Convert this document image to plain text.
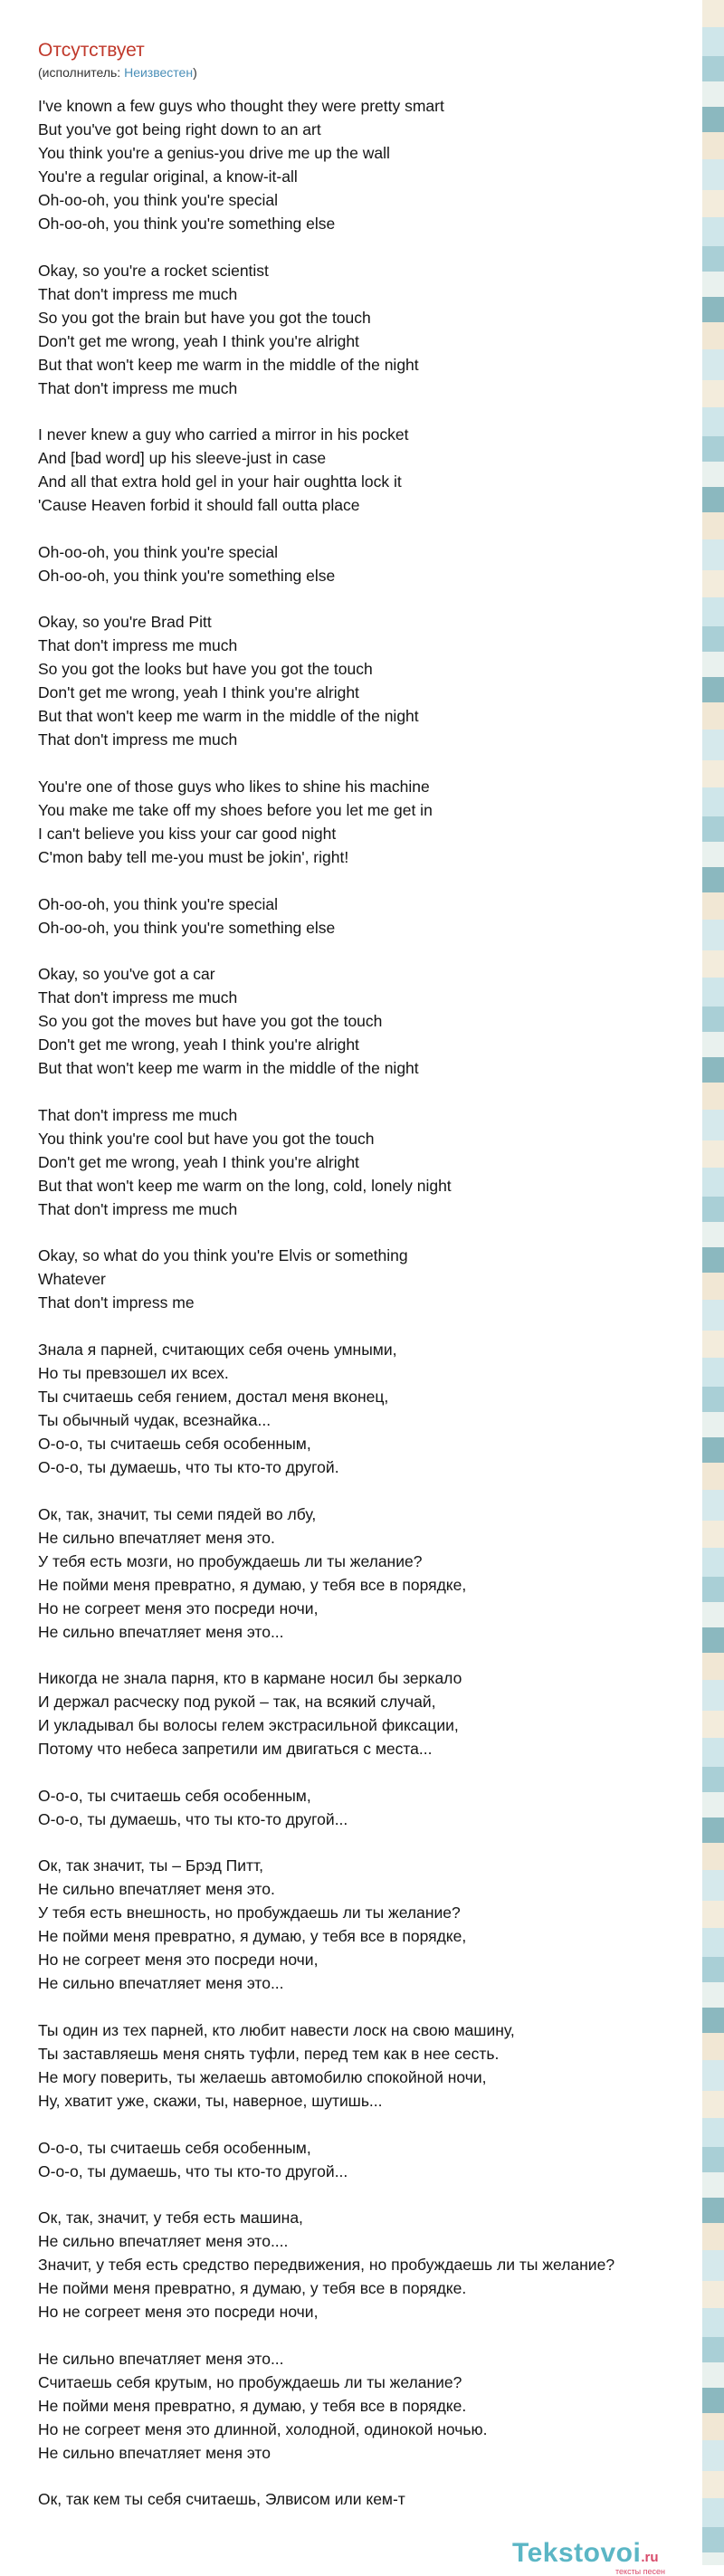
Отсутствует
(исполнитель: Неизвестен)
I've known a few guys who thought they were pretty smart
But you've got being right down to an art
You think you're a genius-you drive me up the wall
You're a regular original, a know-it-all
Oh-oo-oh, you think you're special
Oh-oo-oh, you think you're something else
Okay, so you're a rocket scientist
That don't impress me much
So you got the brain but have you got the touch
Don't get me wrong, yeah I think you're alright
But that won't keep me warm in the middle of the night
That don't impress me much
I never knew a guy who carried a mirror in his pocket
And [bad word] up his sleeve-just in case
And all that extra hold gel in your hair oughtta lock it
'Cause Heaven forbid it should fall outta place
Oh-oo-oh, you think you're special
Oh-oo-oh, you think you're something else
Okay, so you're Brad Pitt
That don't impress me much
So you got the looks but have you got the touch
Don't get me wrong, yeah I think you're alright
But that won't keep me warm in the middle of the night
That don't impress me much
You're one of those guys who likes to shine his machine
You make me take off my shoes before you let me get in
I can't believe you kiss your car good night
C'mon baby tell me-you must be jokin', right!
Oh-oo-oh, you think you're special
Oh-oo-oh, you think you're something else
Okay, so you've got a car
That don't impress me much
So you got the moves but have you got the touch
Don't get me wrong, yeah I think you're alright
But that won't keep me warm in the middle of the night
That don't impress me much
You think you're cool but have you got the touch
Don't get me wrong, yeah I think you're alright
But that won't keep me warm on the long, cold, lonely night
That don't impress me much
Okay, so what do you think you're Elvis or something
Whatever
That don't impress me
Знала я парней, считающих себя очень умными,
Но ты превзошел их всех.
Ты считаешь себя гением, достал меня вконец,
Ты обычный чудак, всезнайка...
О-о-о, ты считаешь себя особенным,
О-о-о, ты думаешь, что ты кто-то другой.
Ок, так, значит, ты семи пядей во лбу,
Не сильно впечатляет меня это.
У тебя есть мозги, но пробуждаешь ли ты желание?
Не пойми меня превратно, я думаю, у тебя все в порядке,
Но не согреет меня это посреди ночи,
Не сильно впечатляет меня это...
Никогда не знала парня, кто в кармане носил бы зеркало
И держал расческу под рукой – так, на всякий случай,
И укладывал бы волосы гелем экстрасильной фиксации,
Потому что небеса запретили им двигаться с места...
О-о-о, ты считаешь себя особенным,
О-о-о, ты думаешь, что ты кто-то другой...
Ок, так значит, ты – Брэд Питт,
Не сильно впечатляет меня это.
У тебя есть внешность, но пробуждаешь ли ты желание?
Не пойми меня превратно, я думаю, у тебя все в порядке,
Но не согреет меня это посреди ночи,
Не сильно впечатляет меня это...
Ты один из тех парней, кто любит навести лоск на свою машину,
Ты заставляешь меня снять туфли, перед тем как в нее сесть.
Не могу поверить, ты желаешь автомобилю спокойной ночи,
Ну, хватит уже, скажи, ты, наверное, шутишь...
О-о-о, ты считаешь себя особенным,
О-о-о, ты думаешь, что ты кто-то другой...
Ок, так, значит, у тебя есть машина,
Не сильно впечатляет меня это....
Значит, у тебя есть средство передвижения, но пробуждаешь ли ты желание?
Не пойми меня превратно, я думаю, у тебя все в порядке.
Но не согреет меня это посреди ночи,
Не сильно впечатляет меня это...
Считаешь себя крутым, но пробуждаешь ли ты желание?
Не пойми меня превратно, я думаю, у тебя все в порядке.
Но не согреет меня это длинной, холодной, одинокой ночью.
Не сильно впечатляет меня это
Ок, так кем ты себя считаешь, Элвисом или кем-т
Tekstovoi.ru
тексты песен
